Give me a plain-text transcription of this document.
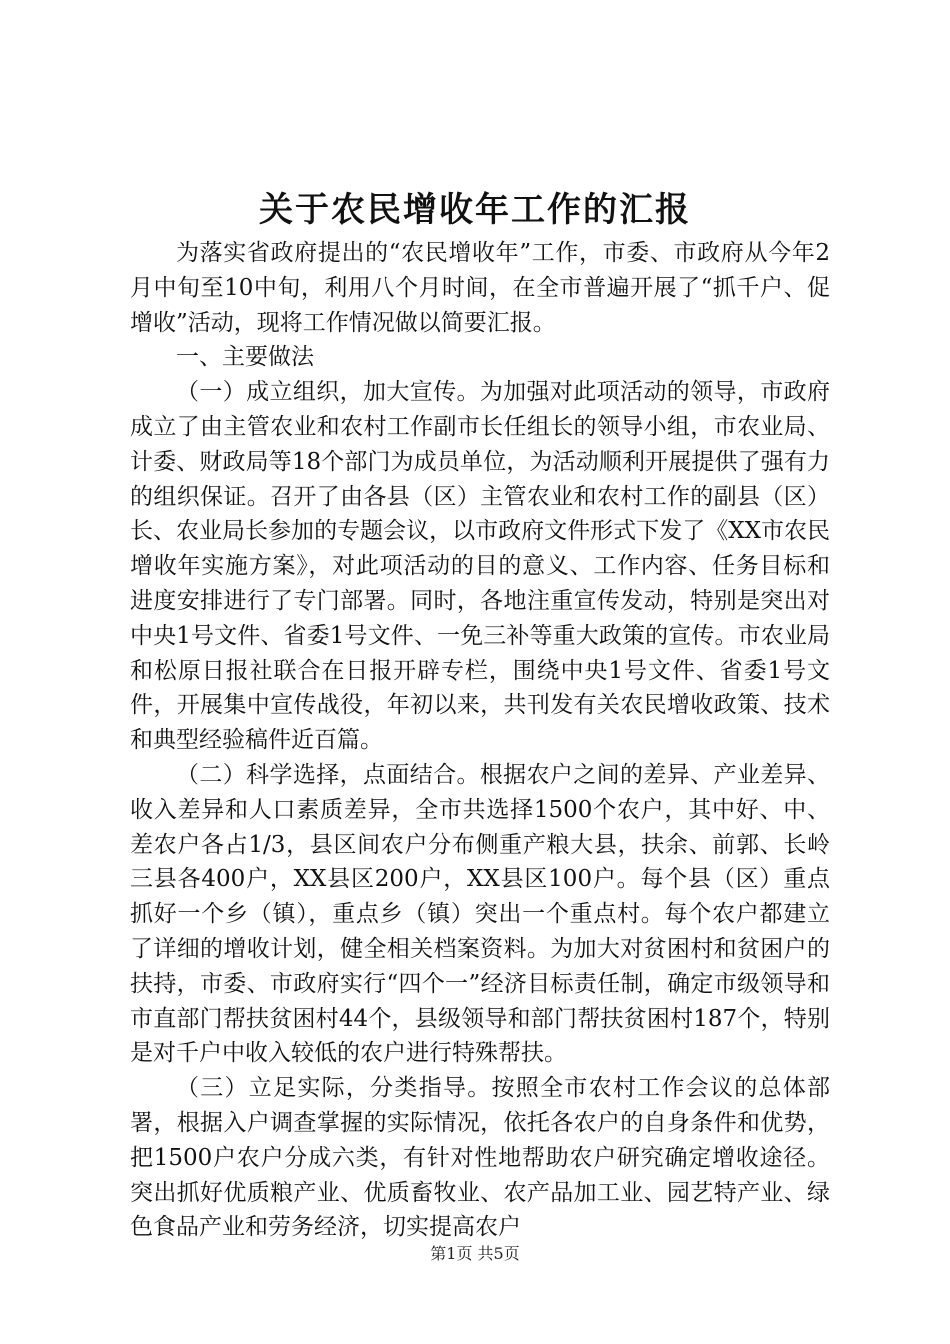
关于农民增收年工作的汇报

为落实省政府提出的“农民增收年”工作，市委、市政府从今年2月中旬至10中旬，利用八个月时间，在全市普遍开展了“抓千户、促增收”活动，现将工作情况做以简要汇报。

一、主要做法

（一）成立组织，加大宣传。为加强对此项活动的领导，市政府成立了由主管农业和农村工作副市长任组长的领导小组，市农业局、计委、财政局等18个部门为成员单位，为活动顺利开展提供了强有力的组织保证。召开了由各县（区）主管农业和农村工作的副县（区）长、农业局长参加的专题会议，以市政府文件形式下发了《XX市农民增收年实施方案》，对此项活动的目的意义、工作内容、任务目标和进度安排进行了专门部署。同时，各地注重宣传发动，特别是突出对中央1号文件、省委1号文件、一免三补等重大政策的宣传。市农业局和松原日报社联合在日报开辟专栏，围绕中央1号文件、省委1号文件，开展集中宣传战役，年初以来，共刊发有关农民增收政策、技术和典型经验稿件近百篇。

（二）科学选择，点面结合。根据农户之间的差异、产业差异、收入差异和人口素质差异，全市共选择1500个农户，其中好、中、差农户各占1/3，县区间农户分布侧重产粮大县，扶余、前郭、长岭三县各400户，XX县区200户，XX县区100户。每个县（区）重点抓好一个乡（镇），重点乡（镇）突出一个重点村。每个农户都建立了详细的增收计划，健全相关档案资料。为加大对贫困村和贫困户的扶持，市委、市政府实行“四个一”经济目标责任制，确定市级领导和市直部门帮扶贫困村44个，县级领导和部门帮扶贫困村187个，特别是对千户中收入较低的农户进行特殊帮扶。

（三）立足实际，分类指导。按照全市农村工作会议的总体部署，根据入户调查掌握的实际情况，依托各农户的自身条件和优势，把1500户农户分成六类，有针对性地帮助农户研究确定增收途径。突出抓好优质粮产业、优质畜牧业、农产品加工业、园艺特产业、绿色食品产业和劳务经济，切实提高农户

第1页 共5页
